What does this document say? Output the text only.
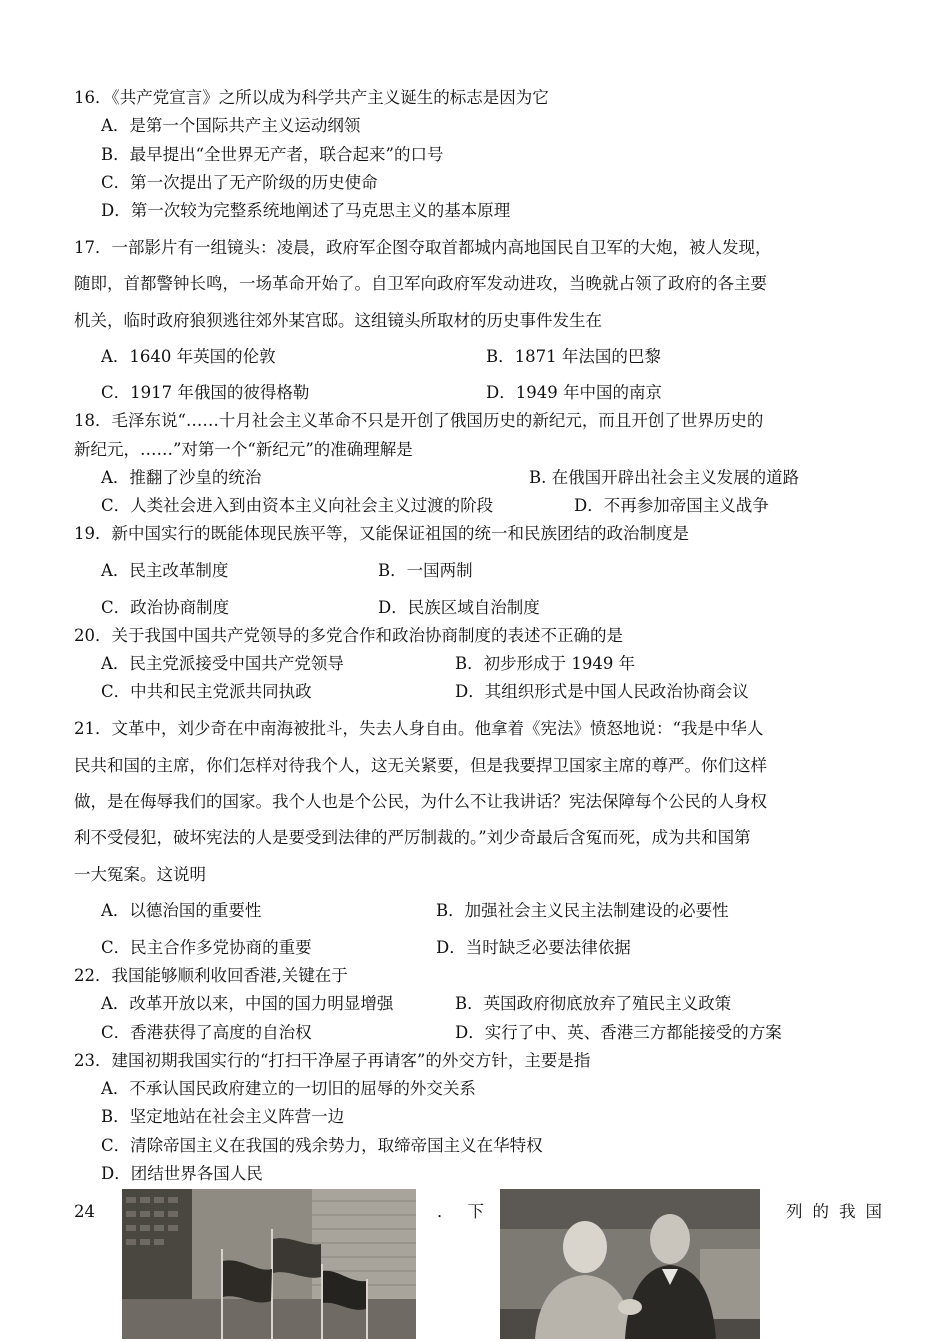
16．《共产党宣言》之所以成为科学共产主义诞生的标志是因为它
A．是第一个国际共产主义运动纲领
B．最早提出“全世界无产者，联合起来”的口号
C．第一次提出了无产阶级的历史使命
D．第一次较为完整系统地阐述了马克思主义的基本原理
17．一部影片有一组镜头：凌晨，政府军企图夺取首都城内高地国民自卫军的大炮，被人发现，
随即，首都警钟长鸣，一场革命开始了。自卫军向政府军发动进攻，当晚就占领了政府的各主要
机关，临时政府狼狈逃往郊外某宫邸。这组镜头所取材的历史事件发生在
A．1640 年英国的伦敦	B．1871 年法国的巴黎
C．1917 年俄国的彼得格勒	D．1949 年中国的南京
18．毛泽东说“……十月社会主义革命不只是开创了俄国历史的新纪元，而且开创了世界历史的
新纪元，……”对第一个“新纪元”的准确理解是
A．推翻了沙皇的统治	B. 在俄国开辟出社会主义发展的道路
C．人类社会进入到由资本主义向社会主义过渡的阶段	D．不再参加帝国主义战争
19．新中国实行的既能体现民族平等，又能保证祖国的统一和民族团结的政治制度是
A．民主改革制度	B．一国两制
C．政治协商制度	D．民族区域自治制度
20．关于我国中国共产党领导的多党合作和政治协商制度的表述不正确的是
A．民主党派接受中国共产党领导	B．初步形成于 1949 年
C．中共和民主党派共同执政	D．其组织形式是中国人民政治协商会议
21．文革中，刘少奇在中南海被批斗，失去人身自由。他拿着《宪法》愤怒地说：“我是中华人
民共和国的主席，你们怎样对待我个人，这无关紧要，但是我要捍卫国家主席的尊严。你们这样
做，是在侮辱我们的国家。我个人也是个公民，为什么不让我讲话？宪法保障每个公民的人身权
利不受侵犯，破坏宪法的人是要受到法律的严厉制裁的。”刘少奇最后含冤而死，成为共和国第
一大冤案。这说明
A．以德治国的重要性	B．加强社会主义民主法制建设的必要性
C．民主合作多党协商的重要	D．当时缺乏必要法律依据
22．我国能够顺利收回香港,关键在于
A．改革开放以来，中国的国力明显增强	B．英国政府彻底放弃了殖民主义政策
C．香港获得了高度的自治权	D．实行了中、英、香港三方都能接受的方案
23．建国初期我国实行的“打扫干净屋子再请客”的外交方针，主要是指
A．不承认国民政府建立的一切旧的屈辱的外交关系
B．坚定地站在社会主义阵营一边
C．清除帝国主义在我国的残余势力，取缔帝国主义在华特权
D．团结世界各国人民
24	．下	列的我国
